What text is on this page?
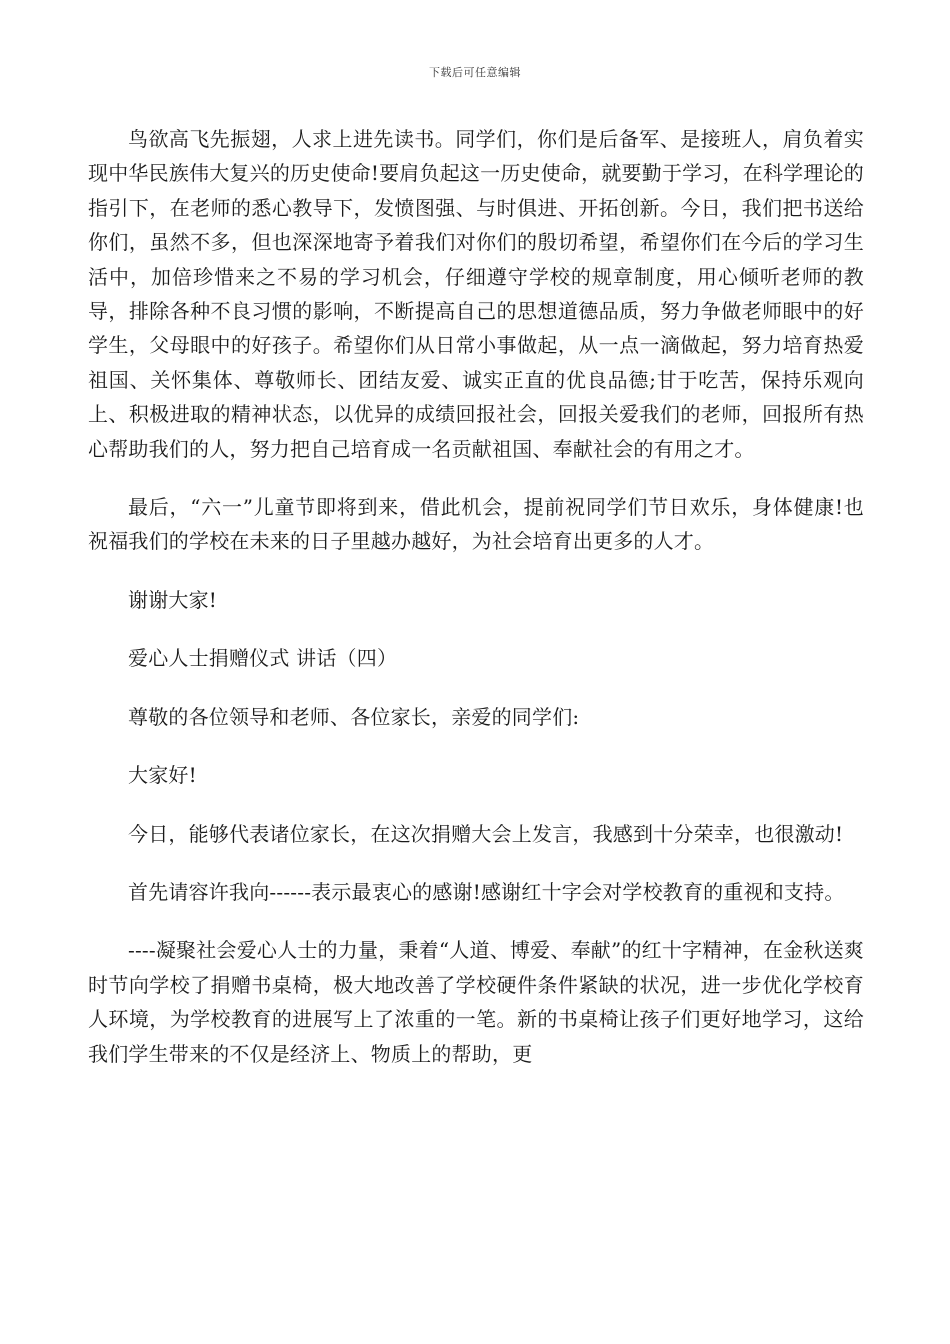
下载后可任意编辑

鸟欲高飞先振翅，人求上进先读书。同学们，你们是后备军、是接班人，肩负着实现中华民族伟大复兴的历史使命!要肩负起这一历史使命，就要勤于学习，在科学理论的指引下，在老师的悉心教导下，发愤图强、与时俱进、开拓创新。今日，我们把书送给你们，虽然不多，但也深深地寄予着我们对你们的殷切希望，希望你们在今后的学习生活中，加倍珍惜来之不易的学习机会，仔细遵守学校的规章制度，用心倾听老师的教导，排除各种不良习惯的影响，不断提高自己的思想道德品质，努力争做老师眼中的好学生，父母眼中的好孩子。希望你们从日常小事做起，从一点一滴做起，努力培育热爱祖国、关怀集体、尊敬师长、团结友爱、诚实正直的优良品德;甘于吃苦，保持乐观向上、积极进取的精神状态，以优异的成绩回报社会，回报关爱我们的老师，回报所有热心帮助我们的人，努力把自己培育成一名贡献祖国、奉献社会的有用之才。

最后，“六一”儿童节即将到来，借此机会，提前祝同学们节日欢乐，身体健康!也祝福我们的学校在未来的日子里越办越好，为社会培育出更多的人才。

谢谢大家!

爱心人士捐赠仪式 讲话（四）

尊敬的各位领导和老师、各位家长，亲爱的同学们:

大家好!

今日，能够代表诸位家长，在这次捐赠大会上发言，我感到十分荣幸，也很激动!

首先请容许我向------表示最衷心的感谢!感谢红十字会对学校教育的重视和支持。

----凝聚社会爱心人士的力量，秉着“人道、博爱、奉献”的红十字精神，在金秋送爽时节向学校了捐赠书桌椅，极大地改善了学校硬件条件紧缺的状况，进一步优化学校育人环境，为学校教育的进展写上了浓重的一笔。新的书桌椅让孩子们更好地学习，这给我们学生带来的不仅是经济上、物质上的帮助，更
